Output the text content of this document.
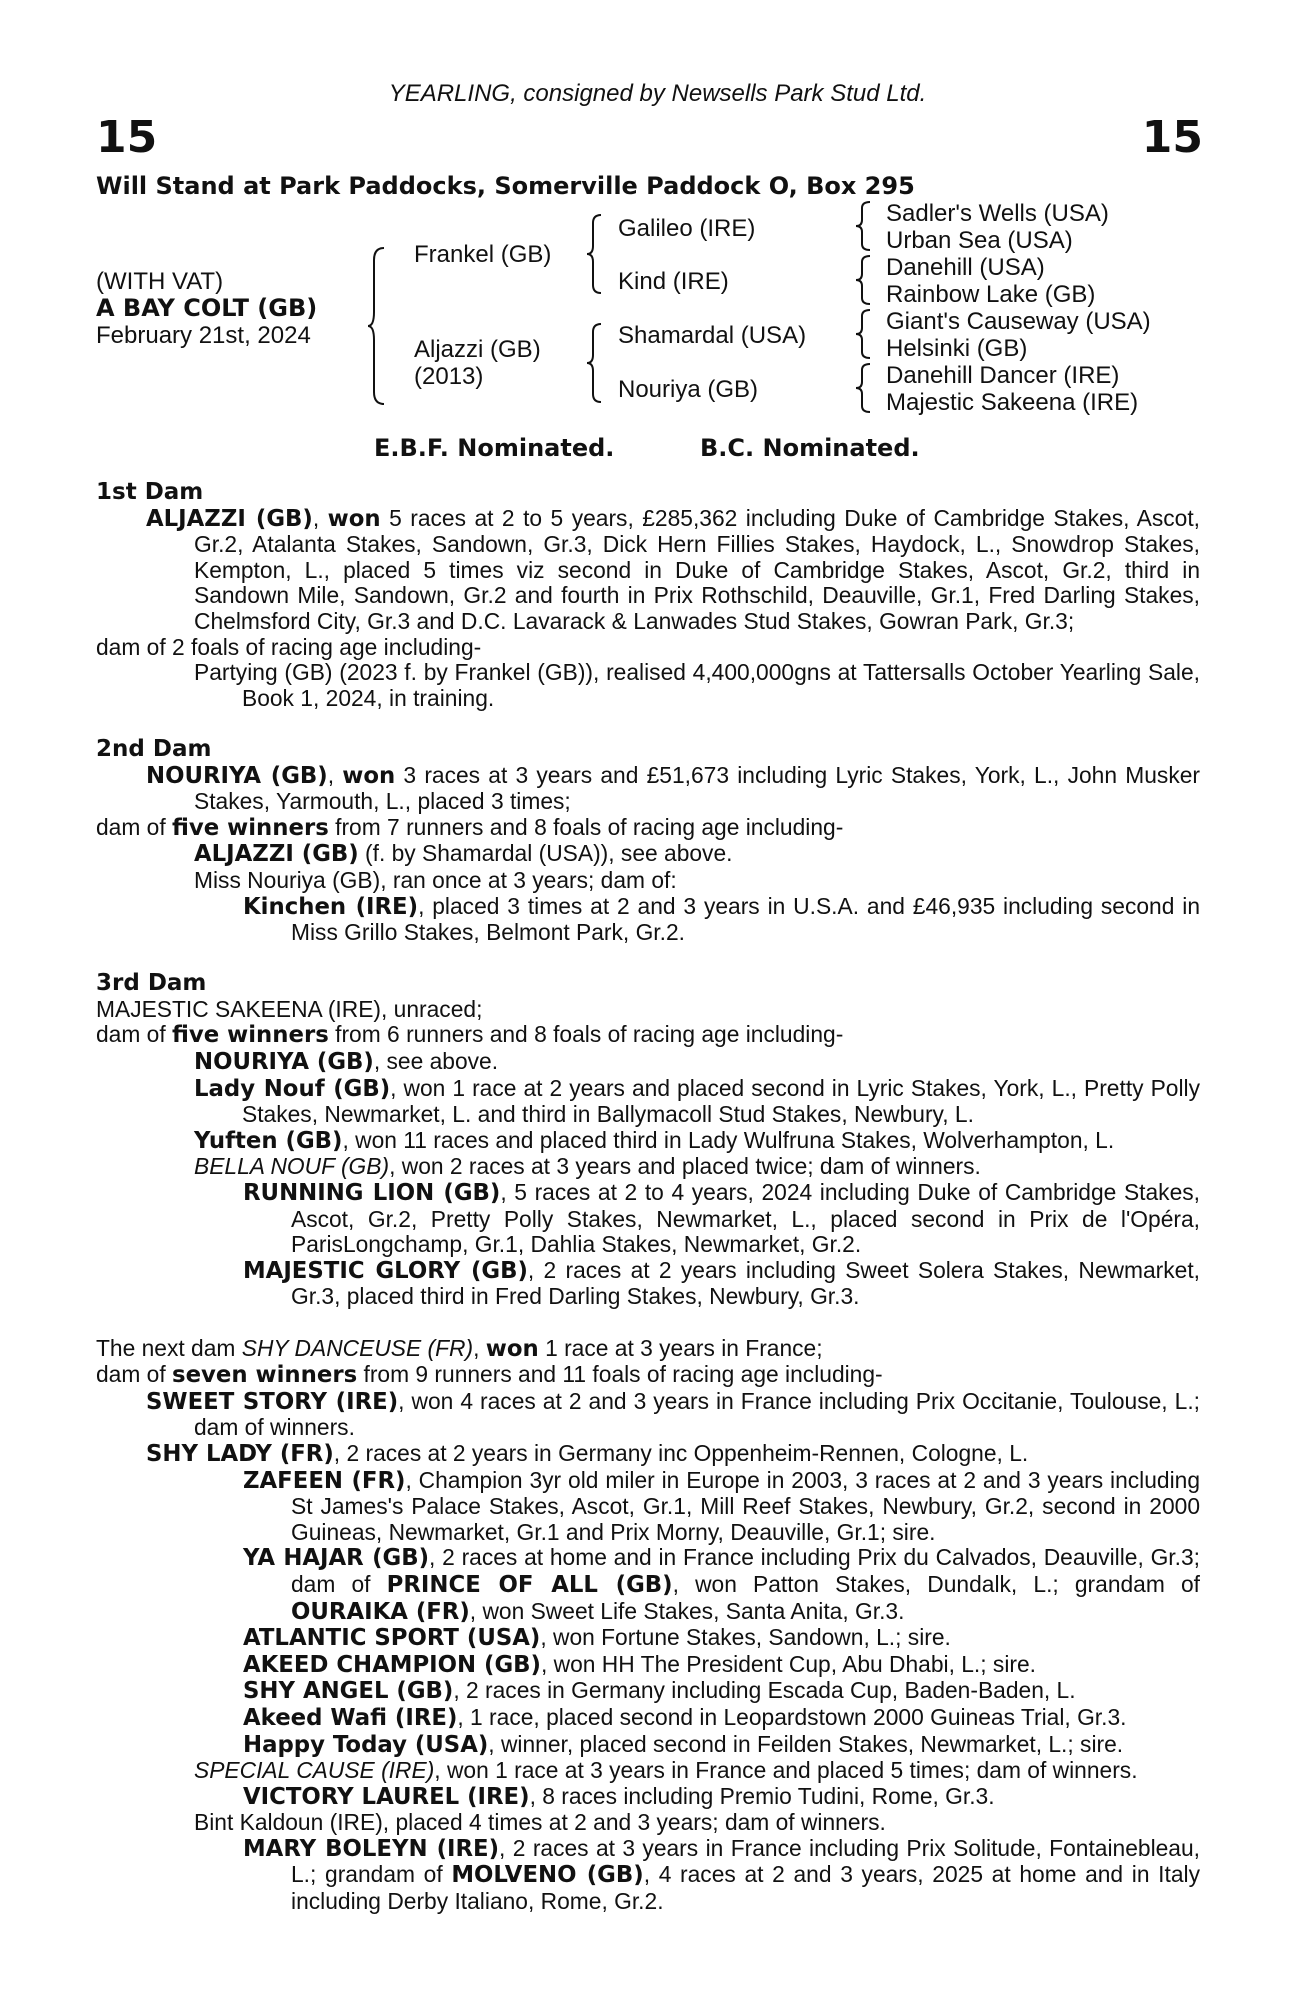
YEARLING, consigned by Newsells Park Stud Ltd.
15	15
Will Stand at Park Paddocks, Somerville Paddock O, Box 295
(WITH VAT)
A BAY COLT (GB)
February 21st, 2024
Frankel (GB)
Aljazzi (GB)
(2013)
Galileo (IRE)
Kind (IRE)
Shamardal (USA)
Nouriya (GB)
Sadler's Wells (USA)
Urban Sea (USA)
Danehill (USA)
Rainbow Lake (GB)
Giant's Causeway (USA)
Helsinki (GB)
Danehill Dancer (IRE)
Majestic Sakeena (IRE)
E.B.F. Nominated.	B.C. Nominated.

1st Dam

ALJAZZI (GB), won 5 races at 2 to 5 years, £285,362 including Duke of Cambridge Stakes, Ascot, Gr.2, Atalanta Stakes, Sandown, Gr.3, Dick Hern Fillies Stakes, Haydock, L., Snowdrop Stakes, Kempton, L., placed 5 times viz second in Duke of Cambridge Stakes, Ascot, Gr.2, third in Sandown Mile, Sandown, Gr.2 and fourth in Prix Rothschild, Deauville, Gr.1, Fred Darling Stakes, Chelmsford City, Gr.3 and D.C. Lavarack & Lanwades Stud Stakes, Gowran Park, Gr.3;

dam of 2 foals of racing age including-

Partying (GB) (2023 f. by Frankel (GB)), realised 4,400,000gns at Tattersalls October Yearling Sale, Book 1, 2024, in training.

2nd Dam

NOURIYA (GB), won 3 races at 3 years and £51,673 including Lyric Stakes, York, L., John Musker Stakes, Yarmouth, L., placed 3 times;

dam of five winners from 7 runners and 8 foals of racing age including-

ALJAZZI (GB) (f. by Shamardal (USA)), see above.

Miss Nouriya (GB), ran once at 3 years; dam of:

Kinchen (IRE), placed 3 times at 2 and 3 years in U.S.A. and £46,935 including second in Miss Grillo Stakes, Belmont Park, Gr.2.

3rd Dam

MAJESTIC SAKEENA (IRE), unraced;

dam of five winners from 6 runners and 8 foals of racing age including-

NOURIYA (GB), see above.

Lady Nouf (GB), won 1 race at 2 years and placed second in Lyric Stakes, York, L., Pretty Polly Stakes, Newmarket, L. and third in Ballymacoll Stud Stakes, Newbury, L.

Yuften (GB), won 11 races and placed third in Lady Wulfruna Stakes, Wolverhampton, L.

BELLA NOUF (GB), won 2 races at 3 years and placed twice; dam of winners.

RUNNING LION (GB), 5 races at 2 to 4 years, 2024 including Duke of Cambridge Stakes, Ascot, Gr.2, Pretty Polly Stakes, Newmarket, L., placed second in Prix de l'Opéra, ParisLongchamp, Gr.1, Dahlia Stakes, Newmarket, Gr.2.

MAJESTIC GLORY (GB), 2 races at 2 years including Sweet Solera Stakes, Newmarket, Gr.3, placed third in Fred Darling Stakes, Newbury, Gr.3.

The next dam SHY DANCEUSE (FR), won 1 race at 3 years in France;

dam of seven winners from 9 runners and 11 foals of racing age including-

SWEET STORY (IRE), won 4 races at 2 and 3 years in France including Prix Occitanie, Toulouse, L.; dam of winners.

SHY LADY (FR), 2 races at 2 years in Germany inc Oppenheim-Rennen, Cologne, L.

ZAFEEN (FR), Champion 3yr old miler in Europe in 2003, 3 races at 2 and 3 years including St James's Palace Stakes, Ascot, Gr.1, Mill Reef Stakes, Newbury, Gr.2, second in 2000 Guineas, Newmarket, Gr.1 and Prix Morny, Deauville, Gr.1; sire.

YA HAJAR (GB), 2 races at home and in France including Prix du Calvados, Deauville, Gr.3; dam of PRINCE OF ALL (GB), won Patton Stakes, Dundalk, L.; grandam of OURAIKA (FR), won Sweet Life Stakes, Santa Anita, Gr.3.

ATLANTIC SPORT (USA), won Fortune Stakes, Sandown, L.; sire.

AKEED CHAMPION (GB), won HH The President Cup, Abu Dhabi, L.; sire.

SHY ANGEL (GB), 2 races in Germany including Escada Cup, Baden-Baden, L.

Akeed Wafi (IRE), 1 race, placed second in Leopardstown 2000 Guineas Trial, Gr.3.

Happy Today (USA), winner, placed second in Feilden Stakes, Newmarket, L.; sire.

SPECIAL CAUSE (IRE), won 1 race at 3 years in France and placed 5 times; dam of winners.

VICTORY LAUREL (IRE), 8 races including Premio Tudini, Rome, Gr.3.

Bint Kaldoun (IRE), placed 4 times at 2 and 3 years; dam of winners.

MARY BOLEYN (IRE), 2 races at 3 years in France including Prix Solitude, Fontainebleau, L.; grandam of MOLVENO (GB), 4 races at 2 and 3 years, 2025 at home and in Italy including Derby Italiano, Rome, Gr.2.
